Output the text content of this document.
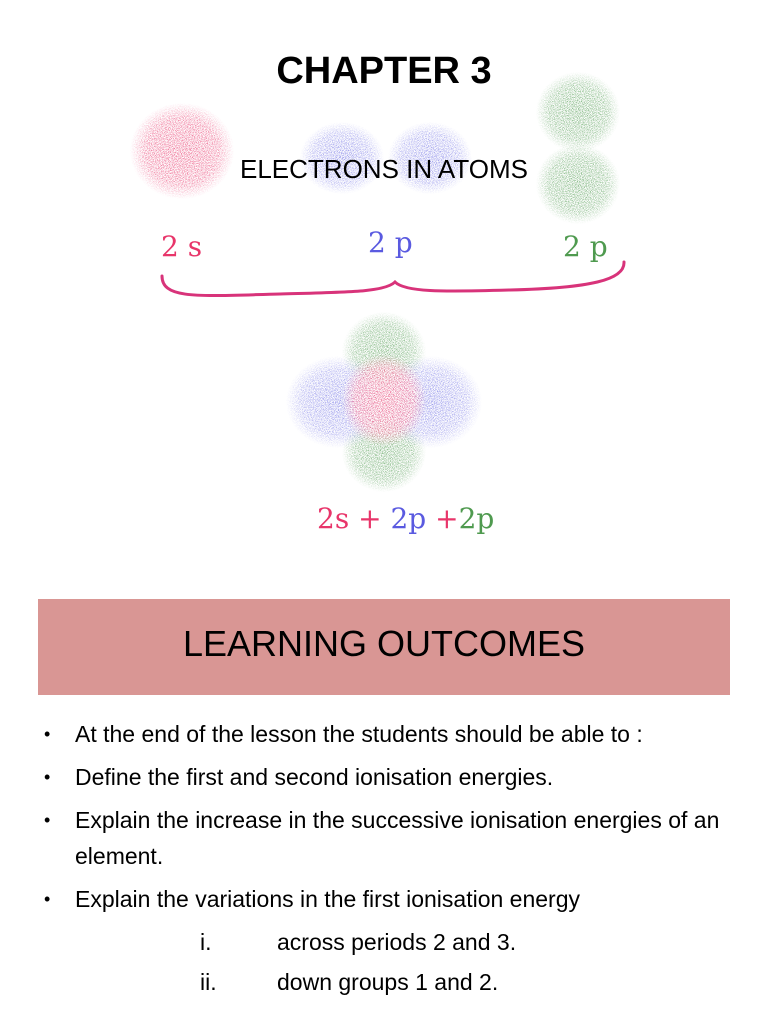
CHAPTER 3
ELECTRONS IN ATOMS
2 s	2 p	2 p
2s + 2p +2p
LEARNING OUTCOMES
• At the end of the lesson the students should be able to :
• Define the first and second ionisation energies.
• Explain the increase in the successive ionisation energies of an element.
• Explain the variations in the first ionisation energy
i.	across periods 2 and 3.
ii.	down groups 1 and 2.
